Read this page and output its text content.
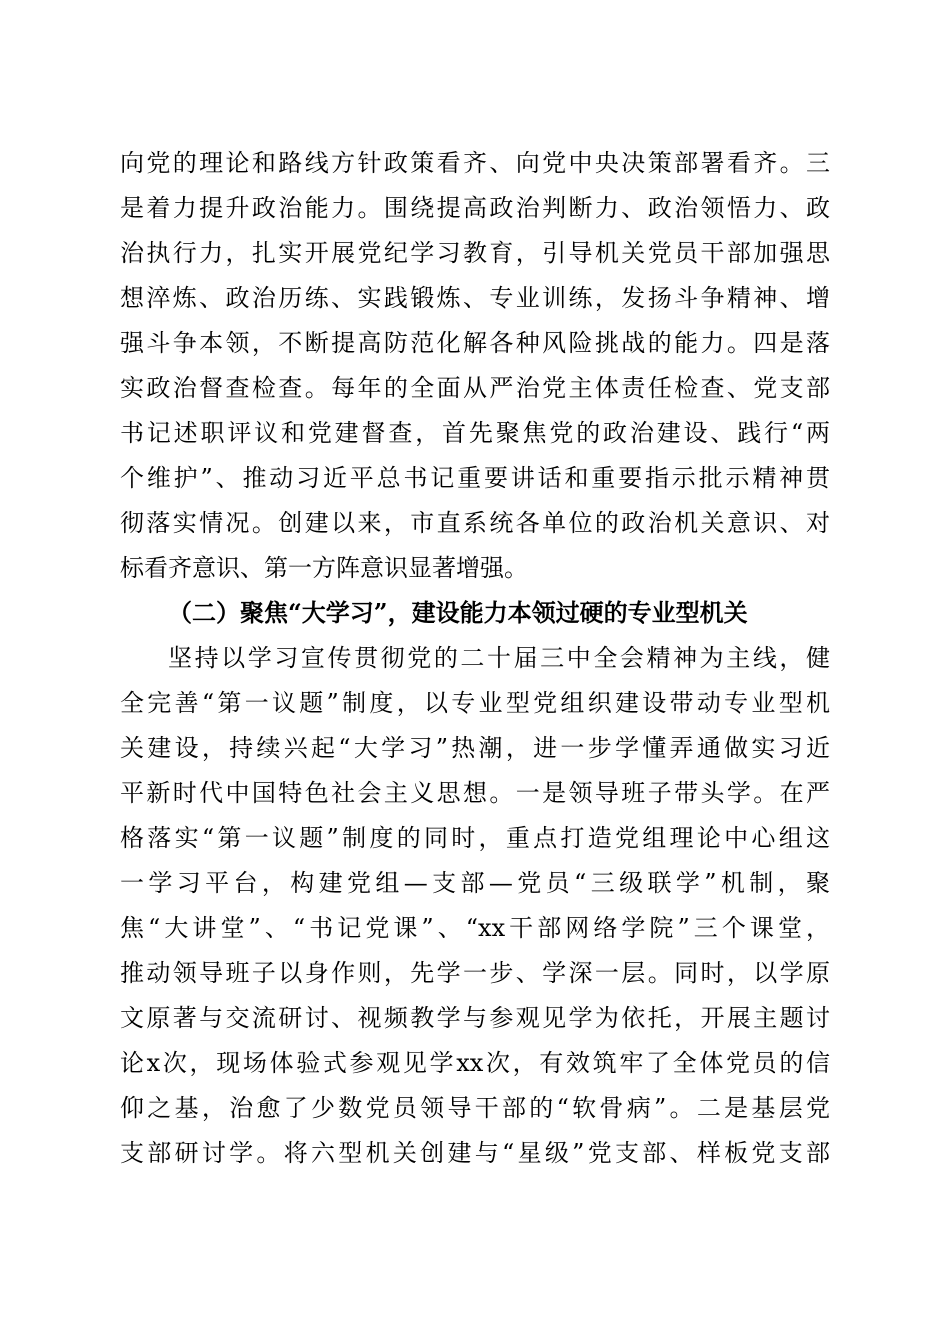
向党的理论和路线方针政策看齐、向党中央决策部署看齐。三
是着力提升政治能力。围绕提高政治判断力、政治领悟力、政
治执行力，扎实开展党纪学习教育，引导机关党员干部加强思
想淬炼、政治历练、实践锻炼、专业训练，发扬斗争精神、增
强斗争本领，不断提高防范化解各种风险挑战的能力。四是落
实政治督查检查。每年的全面从严治党主体责任检查、党支部
书记述职评议和党建督查，首先聚焦党的政治建设、践行“两
个维护”、推动习近平总书记重要讲话和重要指示批示精神贯
彻落实情况。创建以来，市直系统各单位的政治机关意识、对
标看齐意识、第一方阵意识显著增强。
（二）聚焦“大学习”，建设能力本领过硬的专业型机关
坚持以学习宣传贯彻党的二十届三中全会精神为主线，健
全完善“第一议题”制度，以专业型党组织建设带动专业型机
关建设，持续兴起“大学习”热潮，进一步学懂弄通做实习近
平新时代中国特色社会主义思想。一是领导班子带头学。在严
格落实“第一议题”制度的同时，重点打造党组理论中心组这
一学习平台，构建党组—支部—党员“三级联学”机制，聚
焦“大讲堂”、“书记党课”、“xx干部网络学院”三个课堂，
推动领导班子以身作则，先学一步、学深一层。同时，以学原
文原著与交流研讨、视频教学与参观见学为依托，开展主题讨
论x次，现场体验式参观见学xx次，有效筑牢了全体党员的信
仰之基，治愈了少数党员领导干部的“软骨病”。二是基层党
支部研讨学。将六型机关创建与“星级”党支部、样板党支部
